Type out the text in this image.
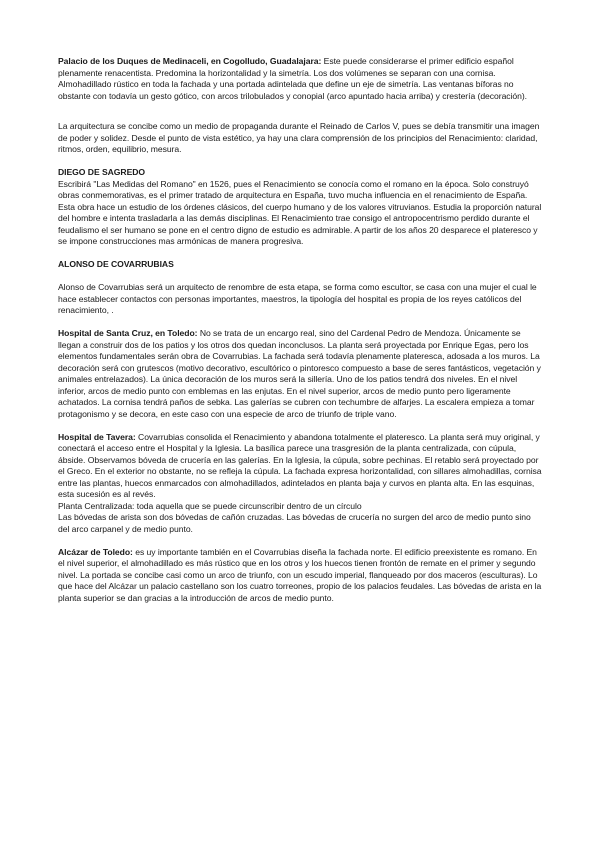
Palacio de los Duques de Medinaceli, en Cogolludo, Guadalajara: Este puede considerarse el primer edificio español plenamente renacentista. Predomina la horizontalidad y la simetría. Los dos volúmenes se separan con una cornisa. Almohadillado rústico en toda la fachada y una portada adintelada que define un eje de simetría. Las ventanas bíforas no obstante con todavía un gesto gótico, con arcos trilobulados y conopial (arco apuntado hacia arriba) y crestería (decoración).

La arquitectura se concibe como un medio de propaganda durante el Reinado de Carlos V, pues se debía transmitir una imagen de poder y solidez. Desde el punto de vista estético, ya hay una clara comprensión de los principios del Renacimiento: claridad, ritmos, orden, equilibrio, mesura.

DIEGO DE SAGREDO

Escribirá "Las Medidas del Romano" en 1526, pues el Renacimiento se conocía como el romano en la época. Solo construyó obras conmemorativas, es el primer tratado de arquitectura en España, tuvo mucha influencia en el renacimiento de España. Esta obra hace un estudio de los órdenes clásicos, del cuerpo humano y de los valores vitruvianos. Estudia la proporción natural del hombre e intenta trasladarla a las demás disciplinas. El Renacimiento trae consigo el antropocentrismo perdido durante el feudalismo el ser humano se pone en el centro digno de estudio es admirable. A partir de los años 20 desparece el plateresco y se impone construcciones mas armónicas de manera progresiva.

ALONSO DE COVARRUBIAS

Alonso de Covarrubias será un arquitecto de renombre de esta etapa, se forma como escultor, se casa con una mujer el cual le hace establecer contactos con personas importantes, maestros, la tipología del hospital es propia de los reyes católicos del renacimiento, .

Hospital de Santa Cruz, en Toledo: No se trata de un encargo real, sino del Cardenal Pedro de Mendoza. Únicamente se llegan a construir dos de los patios y los otros dos quedan inconclusos. La planta será proyectada por Enrique Egas, pero los elementos fundamentales serán obra de Covarrubias. La fachada será todavía plenamente plateresca, adosada a los muros. La decoración será con grutescos (motivo decorativo, escultórico o pintoresco compuesto a base de seres fantásticos, vegetación y animales entrelazados). La única decoración de los muros será la sillería. Uno de los patios tendrá dos niveles. En el nivel inferior, arcos de medio punto con emblemas en las enjutas. En el nivel superior, arcos de medio punto pero ligeramente achatados. La cornisa tendrá paños de sebka. Las galerías se cubren con techumbre de alfarjes. La escalera empieza a tomar protagonismo y se decora, en este caso con una especie de arco de triunfo de triple vano.

Hospital de Tavera: Covarrubias consolida el Renacimiento y abandona totalmente el plateresco. La planta será muy original, y conectará el acceso entre el Hospital y la Iglesia. La basílica parece una trasgresión de la planta centralizada, con cúpula, ábside. Observamos bóveda de crucería en las galerías. En la Iglesia, la cúpula, sobre pechinas. El retablo será proyectado por el Greco. En el exterior no obstante, no se refleja la cúpula. La fachada expresa horizontalidad, con sillares almohadillas, cornisa entre las plantas, huecos enmarcados con almohadillados, adintelados en planta baja y curvos en planta alta. En las esquinas, esta sucesión es al revés.

Planta Centralizada: toda aquella que se puede circunscribir dentro de un círculo

Las bóvedas de arista son dos bóvedas de cañón cruzadas. Las bóvedas de crucería no surgen del arco de medio punto sino del arco carpanel y de medio punto.

Alcázar de Toledo: es uy importante también en el Covarrubias diseña la fachada norte. El edificio preexistente es romano. En el nivel superior, el almohadillado es más rústico que en los otros y los huecos tienen frontón de remate en el primer y segundo nivel. La portada se concibe casi como un arco de triunfo, con un escudo imperial, flanqueado por dos maceros (esculturas). Lo que hace del Alcázar un palacio castellano son los cuatro torreones, propio de los palacios feudales. Las bóvedas de arista en la planta superior se dan gracias a la introducción de arcos de medio punto.
